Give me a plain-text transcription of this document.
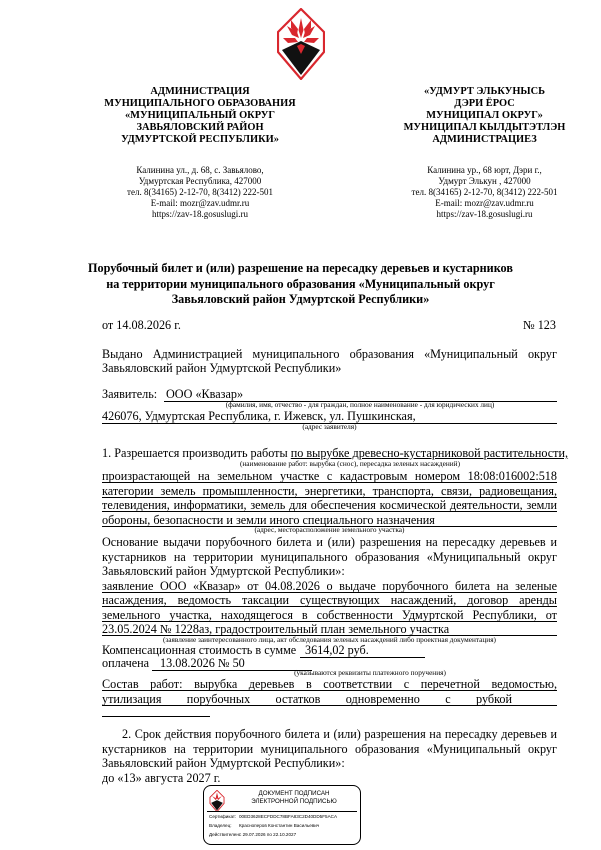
АДМИНИСТРАЦИЯ
МУНИЦИПАЛЬНОГО ОБРАЗОВАНИЯ
«МУНИЦИПАЛЬНЫЙ ОКРУГ
ЗАВЬЯЛОВСКИЙ РАЙОН
УДМУРТСКОЙ РЕСПУБЛИКИ»
«УДМУРТ ЭЛЬКУНЫСЬ
ДЭРИ ЁРОС
МУНИЦИПАЛ ОКРУГ»
МУНИЦИПАЛ КЫЛДЫТЭТЛЭН
АДМИНИСТРАЦИЕЗ
Калинина ул., д. 68, с. Завьялово,
Удмуртская Республика, 427000
тел. 8(34165) 2-12-70, 8(3412) 222-501
E-mail: mozr@zav.udmr.ru
https://zav-18.gosuslugi.ru
Калинина ур., 68 юрт, Дэри г.,
Удмурт Элькун , 427000
тел. 8(34165) 2-12-70, 8(3412) 222-501
E-mail: mozr@zav.udmr.ru
https://zav-18.gosuslugi.ru
Порубочный билет и (или) разрешение на пересадку деревьев и кустарников
на территории муниципального образования «Муниципальный округ
Завьяловский район Удмуртской Республики»
от 14.08.2026 г.	№ 123
Выдано Администрацией муниципального образования «Муниципальный округ
Завьяловский район Удмуртской Республики»
Заявитель: ООО «Квазар»
(фамилия, имя, отчество - для граждан, полное наименование - для юридических лиц)
426076, Удмуртская Республика, г. Ижевск, ул. Пушкинская,
(адрес заявителя)
1. Разрешается производить работы по вырубке древесно-кустарниковой растительности,
(наименование работ: вырубка (снос), пересадка зеленых насаждений)
произрастающей на земельном участке с кадастровым номером 18:08:016002:518
категории земель промышленности, энергетики, транспорта, связи, радиовещания,
телевидения, информатики, земель для обеспечения космической деятельности, земли
обороны, безопасности и земли иного специального назначения
(адрес, месторасположение земельного участка)
Основание выдачи порубочного билета и (или) разрешения на пересадку деревьев и
кустарников на территории муниципального образования «Муниципальный округ
Завьяловский район Удмуртской Республики»:
заявление ООО «Квазар» от 04.08.2026 о выдаче порубочного билета на зеленые
насаждения, ведомость таксации существующих насаждений, договор аренды
земельного участка, находящегося в собственности Удмуртской Республики, от
23.05.2024 № 1228аз, градостроительный план земельного участка
(заявление заинтересованного лица, акт обследования зеленых насаждений либо проектная документация)
Компенсационная стоимость в сумме 3614,02 руб.
оплачена 13.08.2026 № 50
(указываются реквизиты платежного поручения)
Состав работ: вырубка деревьев в соответствии с перечетной ведомостью,
утилизация порубочных остатков одновременно с рубкой
2. Срок действия порубочного билета и (или) разрешения на пересадку деревьев и
кустарников на территории муниципального образования «Муниципальный округ
Завьяловский район Удмуртской Республики»:
до «13» августа 2027 г.
ДОКУМЕНТ ПОДПИСАН
ЭЛЕКТРОННОЙ ПОДПИСЬЮ
Сертификат: 00ED3628ECFDDC78BFA83C2D40DD5F5ACA
Владелец: Красноперов Константин Васильевич
Действителен:с 29.07.2026 по 22.10.2027
